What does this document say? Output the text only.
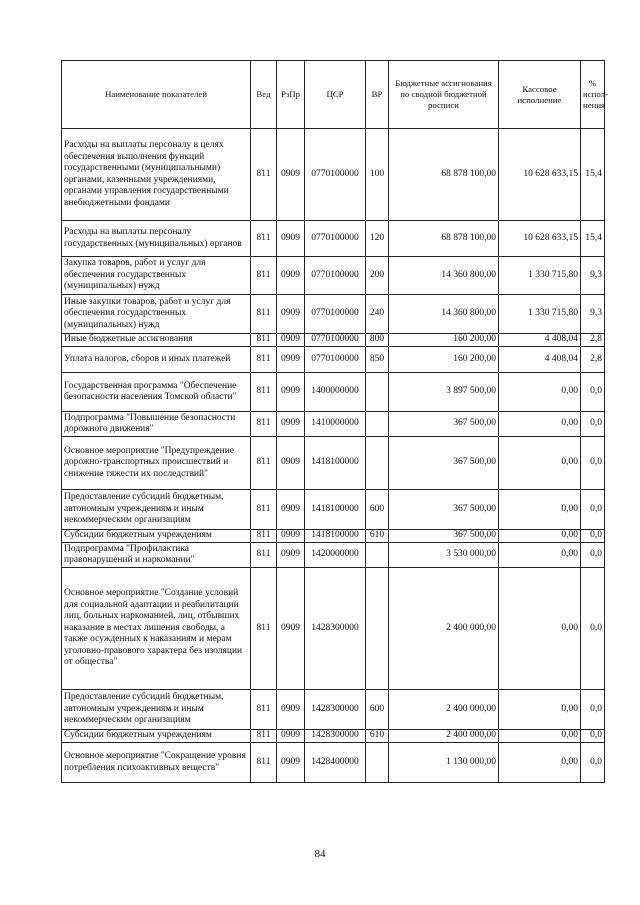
Наименование показателей	Вед	РзПр	ЦСР	ВР	Бюджетные ассигнования по сводной бюджетной росписи	Кассовое исполнение	% испол-нения
Расходы на выплаты персоналу в целях обеспечения выполнения функций государственными (муниципальными) органами, казенными учреждениями, органами управления государственными внебюджетными фондами	811	0909	0770100000	100	68 878 100,00	10 628 633,15	15,4
Расходы на выплаты персоналу государственных (муниципальных) органов	811	0909	0770100000	120	68 878 100,00	10 628 633,15	15,4
Закупка товаров, работ и услуг для обеспечения государственных (муниципальных) нужд	811	0909	0770100000	200	14 360 800,00	1 330 715,80	9,3
Иные закупки товаров, работ и услуг для обеспечения государственных (муниципальных) нужд	811	0909	0770100000	240	14 360 800,00	1 330 715,80	9,3
Иные бюджетные ассигнования	811	0909	0770100000	800	160 200,00	4 408,04	2,8
Уплата налогов, сборов и иных платежей	811	0909	0770100000	850	160 200,00	4 408,04	2,8
Государственная программа "Обеспечение безопасности населения Томской области"	811	0909	1400000000		3 897 500,00	0,00	0,0
Подпрограмма "Повышение безопасности дорожного движения"	811	0909	1410000000		367 500,00	0,00	0,0
Основное мероприятие "Предупреждение дорожно-транспортных происшествий и снижение тяжести их последствий"	811	0909	1418100000		367 500,00	0,00	0,0
Предоставление субсидий бюджетным, автономным учреждениям и иным некоммерческим организациям	811	0909	1418100000	600	367 500,00	0,00	0,0
Субсидии бюджетным учреждениям	811	0909	1418100000	610	367 500,00	0,00	0,0
Подпрограмма "Профилактика правонарушений и наркомании"	811	0909	1420000000		3 530 000,00	0,00	0,0
Основное мероприятие "Создание условий для социальной адаптации и реабилитации лиц, больных наркоманией, лиц, отбывших наказание в местах лишения свободы, а также осужденных к наказаниям и мерам уголовно-правового характера без изоляции от общества"	811	0909	1428300000		2 400 000,00	0,00	0,0
Предоставление субсидий бюджетным, автономным учреждениям и иным некоммерческим организациям	811	0909	1428300000	600	2 400 000,00	0,00	0,0
Субсидии бюджетным учреждениям	811	0909	1428300000	610	2 400 000,00	0,00	0,0
Основное мероприятие "Сокращение уровня потребления психоактивных веществ"	811	0909	1428400000		1 130 000,00	0,00	0,0
84
